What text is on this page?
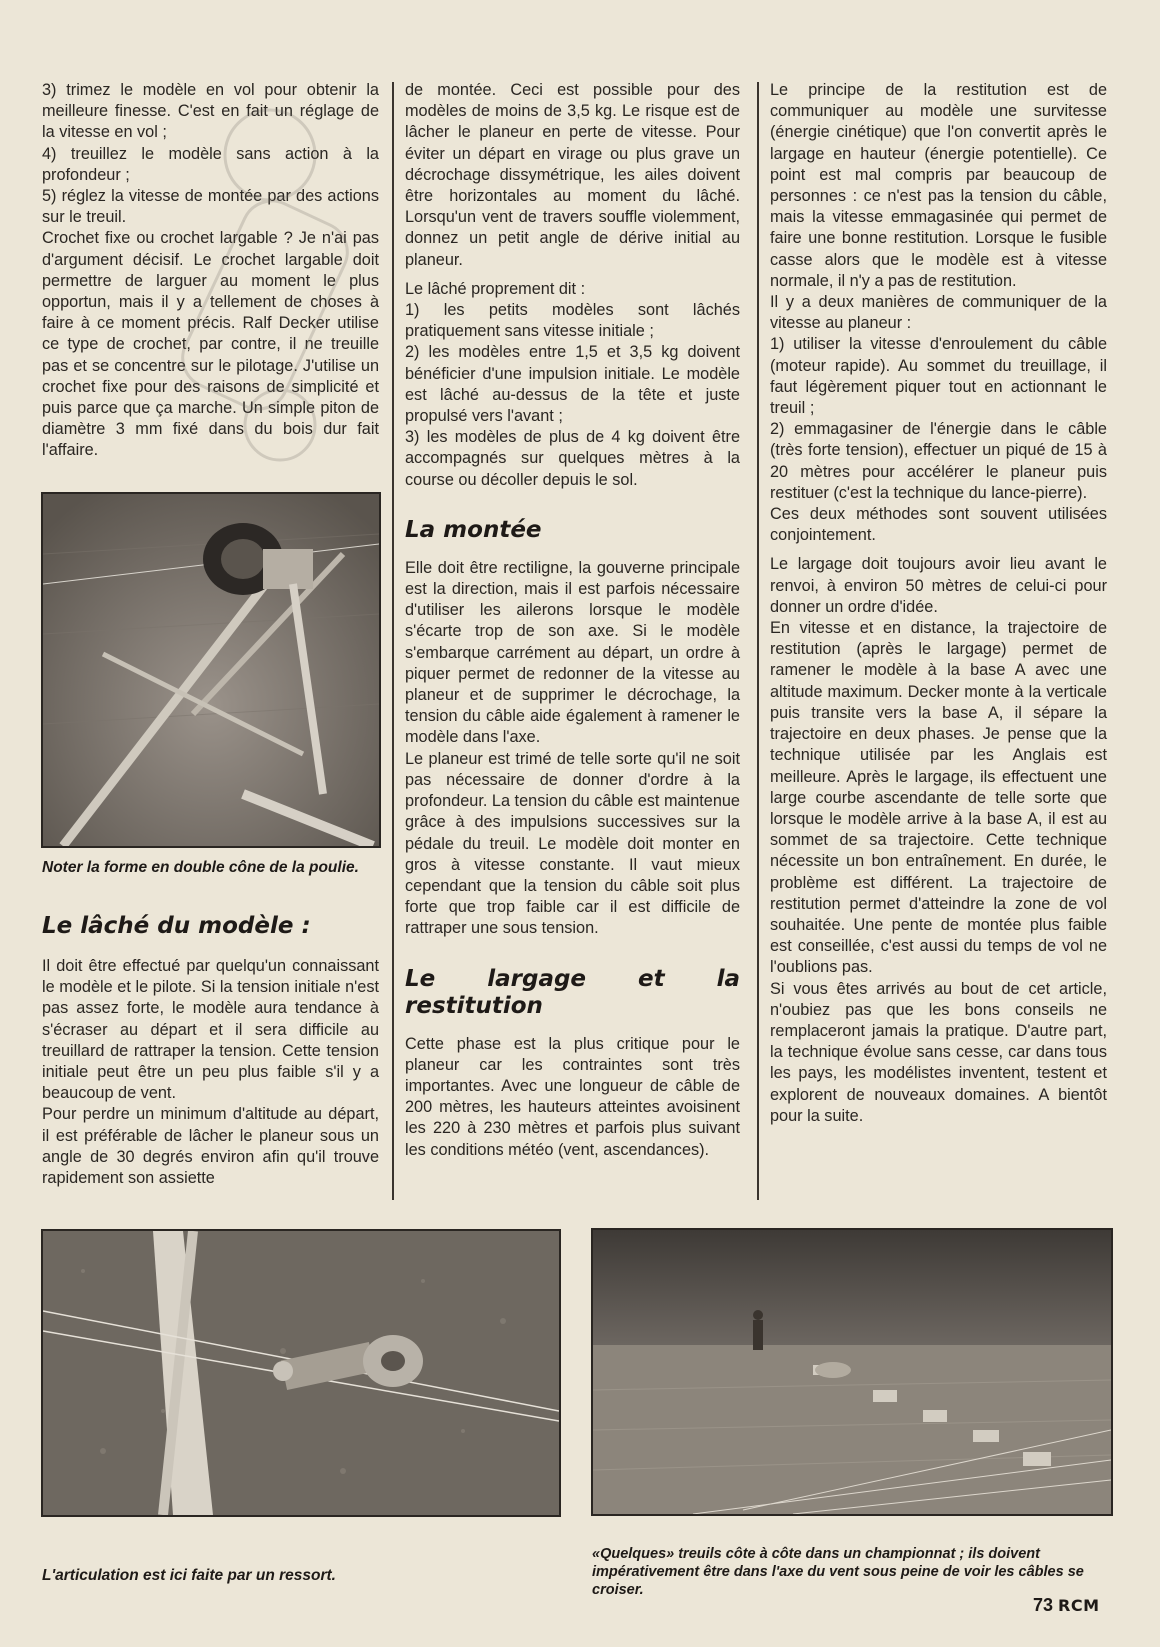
3) trimez le modèle en vol pour obtenir la meilleure finesse. C'est en fait un réglage de la vitesse en vol ;

4) treuillez le modèle sans action à la profondeur ;

5) réglez la vitesse de montée par des actions sur le treuil.

Crochet fixe ou crochet largable ? Je n'ai pas d'argument décisif. Le crochet largable doit permettre de larguer au moment le plus opportun, mais il y a tellement de choses à faire à ce moment précis. Ralf Decker utilise ce type de crochet, par contre, il ne treuille pas et se concentre sur le pilotage. J'utilise un crochet fixe pour des raisons de simplicité et puis parce que ça marche. Un simple piton de diamètre 3 mm fixé dans du bois dur fait l'affaire.

Noter la forme en double cône de la poulie.
Le lâché du modèle :

Il doit être effectué par quelqu'un connaissant le modèle et le pilote. Si la tension initiale n'est pas assez forte, le modèle aura tendance à s'écraser au départ et il sera difficile au treuillard de rattraper la tension. Cette tension initiale peut être un peu plus faible s'il y a beaucoup de vent.

Pour perdre un minimum d'altitude au départ, il est préférable de lâcher le planeur sous un angle de 30 degrés environ afin qu'il trouve rapidement son assiette

de montée. Ceci est possible pour des modèles de moins de 3,5 kg. Le risque est de lâcher le planeur en perte de vitesse. Pour éviter un départ en virage ou plus grave un décrochage dissymétrique, les ailes doivent être horizontales au moment du lâché. Lorsqu'un vent de travers souffle violemment, donnez un petit angle de dérive initial au planeur.

Le lâché proprement dit :

1) les petits modèles sont lâchés pratiquement sans vitesse initiale ;

2) les modèles entre 1,5 et 3,5 kg doivent bénéficier d'une impulsion initiale. Le modèle est lâché au-dessus de la tête et juste propulsé vers l'avant ;

3) les modèles de plus de 4 kg doivent être accompagnés sur quelques mètres à la course ou décoller depuis le sol.

La montée

Elle doit être rectiligne, la gouverne principale est la direction, mais il est parfois nécessaire d'utiliser les ailerons lorsque le modèle s'écarte trop de son axe. Si le modèle s'embarque carrément au départ, un ordre à piquer permet de redonner de la vitesse au planeur et de supprimer le décrochage, la tension du câble aide également à ramener le modèle dans l'axe.

Le planeur est trimé de telle sorte qu'il ne soit pas nécessaire de donner d'ordre à la profondeur. La tension du câble est maintenue grâce à des impulsions successives sur la pédale du treuil. Le modèle doit monter en gros à vitesse constante. Il vaut mieux cependant que la tension du câble soit plus forte que trop faible car il est difficile de rattraper une sous tension.

Le largage et la restitution

Cette phase est la plus critique pour le planeur car les contraintes sont très importantes. Avec une longueur de câble de 200 mètres, les hauteurs atteintes avoisinent les 220 à 230 mètres et parfois plus suivant les conditions météo (vent, ascendances).

Le principe de la restitution est de communiquer au modèle une survitesse (énergie cinétique) que l'on convertit après le largage en hauteur (énergie potentielle). Ce point est mal compris par beaucoup de personnes : ce n'est pas la tension du câble, mais la vitesse emmagasinée qui permet de faire une bonne restitution. Lorsque le fusible casse alors que le modèle est à vitesse normale, il n'y a pas de restitution.

Il y a deux manières de communiquer de la vitesse au planeur :

1) utiliser la vitesse d'enroulement du câble (moteur rapide). Au sommet du treuillage, il faut légèrement piquer tout en actionnant le treuil ;

2) emmagasiner de l'énergie dans le câble (très forte tension), effectuer un piqué de 15 à 20 mètres pour accélérer le planeur puis restituer (c'est la technique du lance-pierre).

Ces deux méthodes sont souvent utilisées conjointement.

Le largage doit toujours avoir lieu avant le renvoi, à environ 50 mètres de celui-ci pour donner un ordre d'idée.

En vitesse et en distance, la trajectoire de restitution (après le largage) permet de ramener le modèle à la base A avec une altitude maximum. Decker monte à la verticale puis transite vers la base A, il sépare la trajectoire en deux phases. Je pense que la technique utilisée par les Anglais est meilleure. Après le largage, ils effectuent une large courbe ascendante de telle sorte que lorsque le modèle arrive à la base A, il est au sommet de sa trajectoire. Cette technique nécessite un bon entraînement. En durée, le problème est différent. La trajectoire de restitution permet d'atteindre la zone de vol souhaitée. Une pente de montée plus faible est conseillée, c'est aussi du temps de vol ne l'oublions pas.

Si vous êtes arrivés au bout de cet article, n'oubiez pas que les bons conseils ne remplaceront jamais la pratique. D'autre part, la technique évolue sans cesse, car dans tous les pays, les modélistes inventent, testent et explorent de nouveaux domaines. A bientôt pour la suite.

L'articulation est ici faite par un ressort.
«Quelques» treuils côte à côte dans un championnat ; ils doivent impérativement être dans l'axe du vent sous peine de voir les câbles se croiser.
73 RCM
